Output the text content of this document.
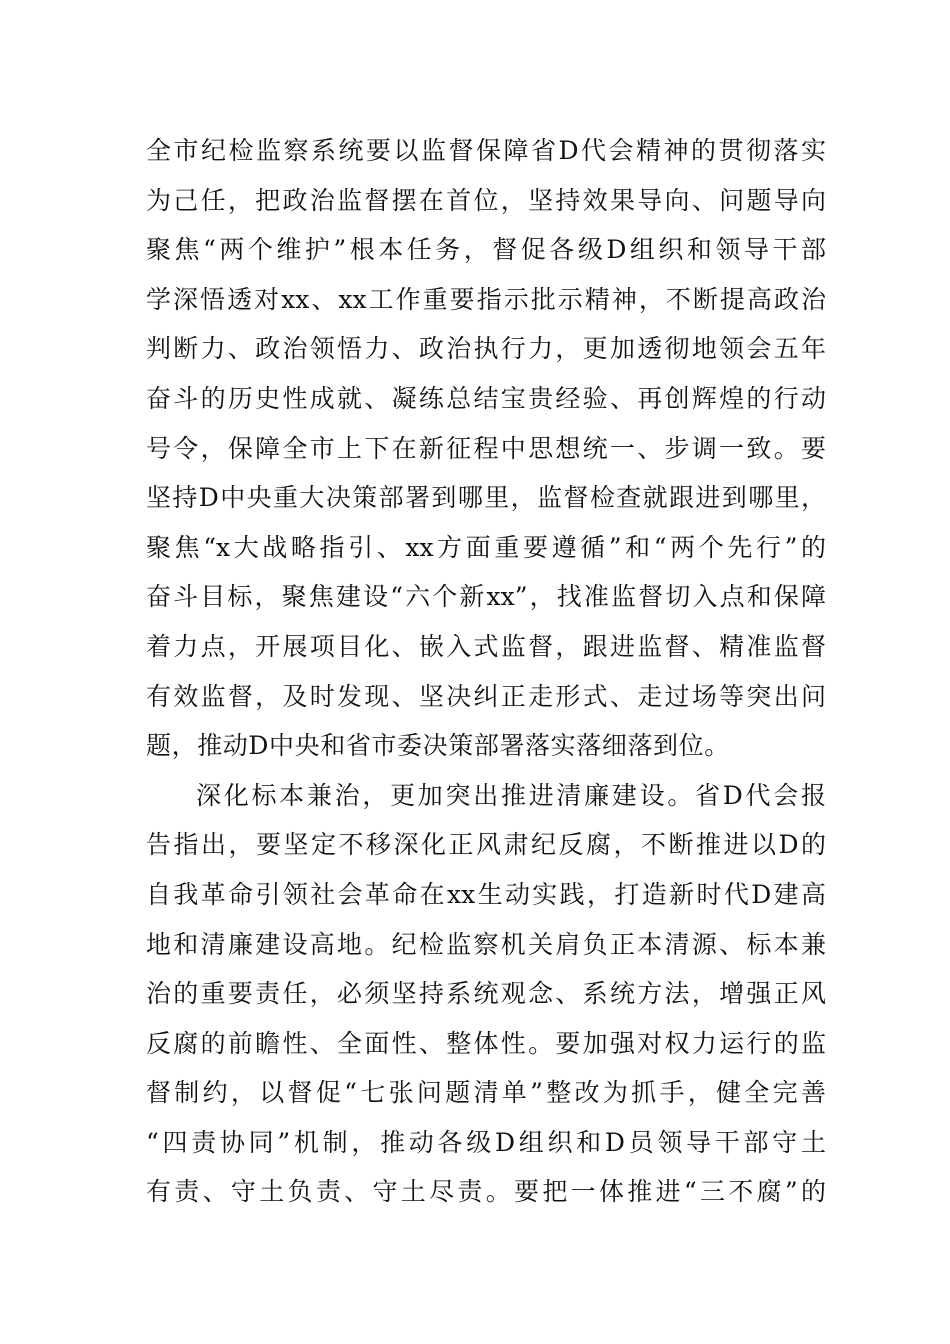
全市纪检监察系统要以监督保障省D代会精神的贯彻落实
为己任，把政治监督摆在首位，坚持效果导向、问题导向
聚焦“两个维护”根本任务，督促各级D组织和领导干部
学深悟透对xx、xx工作重要指示批示精神，不断提高政治
判断力、政治领悟力、政治执行力，更加透彻地领会五年
奋斗的历史性成就、凝练总结宝贵经验、再创辉煌的行动
号令，保障全市上下在新征程中思想统一、步调一致。要
坚持D中央重大决策部署到哪里，监督检查就跟进到哪里，
聚焦“x大战略指引、xx方面重要遵循”和“两个先行”的
奋斗目标，聚焦建设“六个新xx”，找准监督切入点和保障
着力点，开展项目化、嵌入式监督，跟进监督、精准监督
有效监督，及时发现、坚决纠正走形式、走过场等突出问
题，推动D中央和省市委决策部署落实落细落到位。
深化标本兼治，更加突出推进清廉建设。省D代会报
告指出，要坚定不移深化正风肃纪反腐，不断推进以D的
自我革命引领社会革命在xx生动实践，打造新时代D建高
地和清廉建设高地。纪检监察机关肩负正本清源、标本兼
治的重要责任，必须坚持系统观念、系统方法，增强正风
反腐的前瞻性、全面性、整体性。要加强对权力运行的监
督制约，以督促“七张问题清单”整改为抓手，健全完善
“四责协同”机制，推动各级D组织和D员领导干部守土
有责、守土负责、守土尽责。要把一体推进“三不腐”的
